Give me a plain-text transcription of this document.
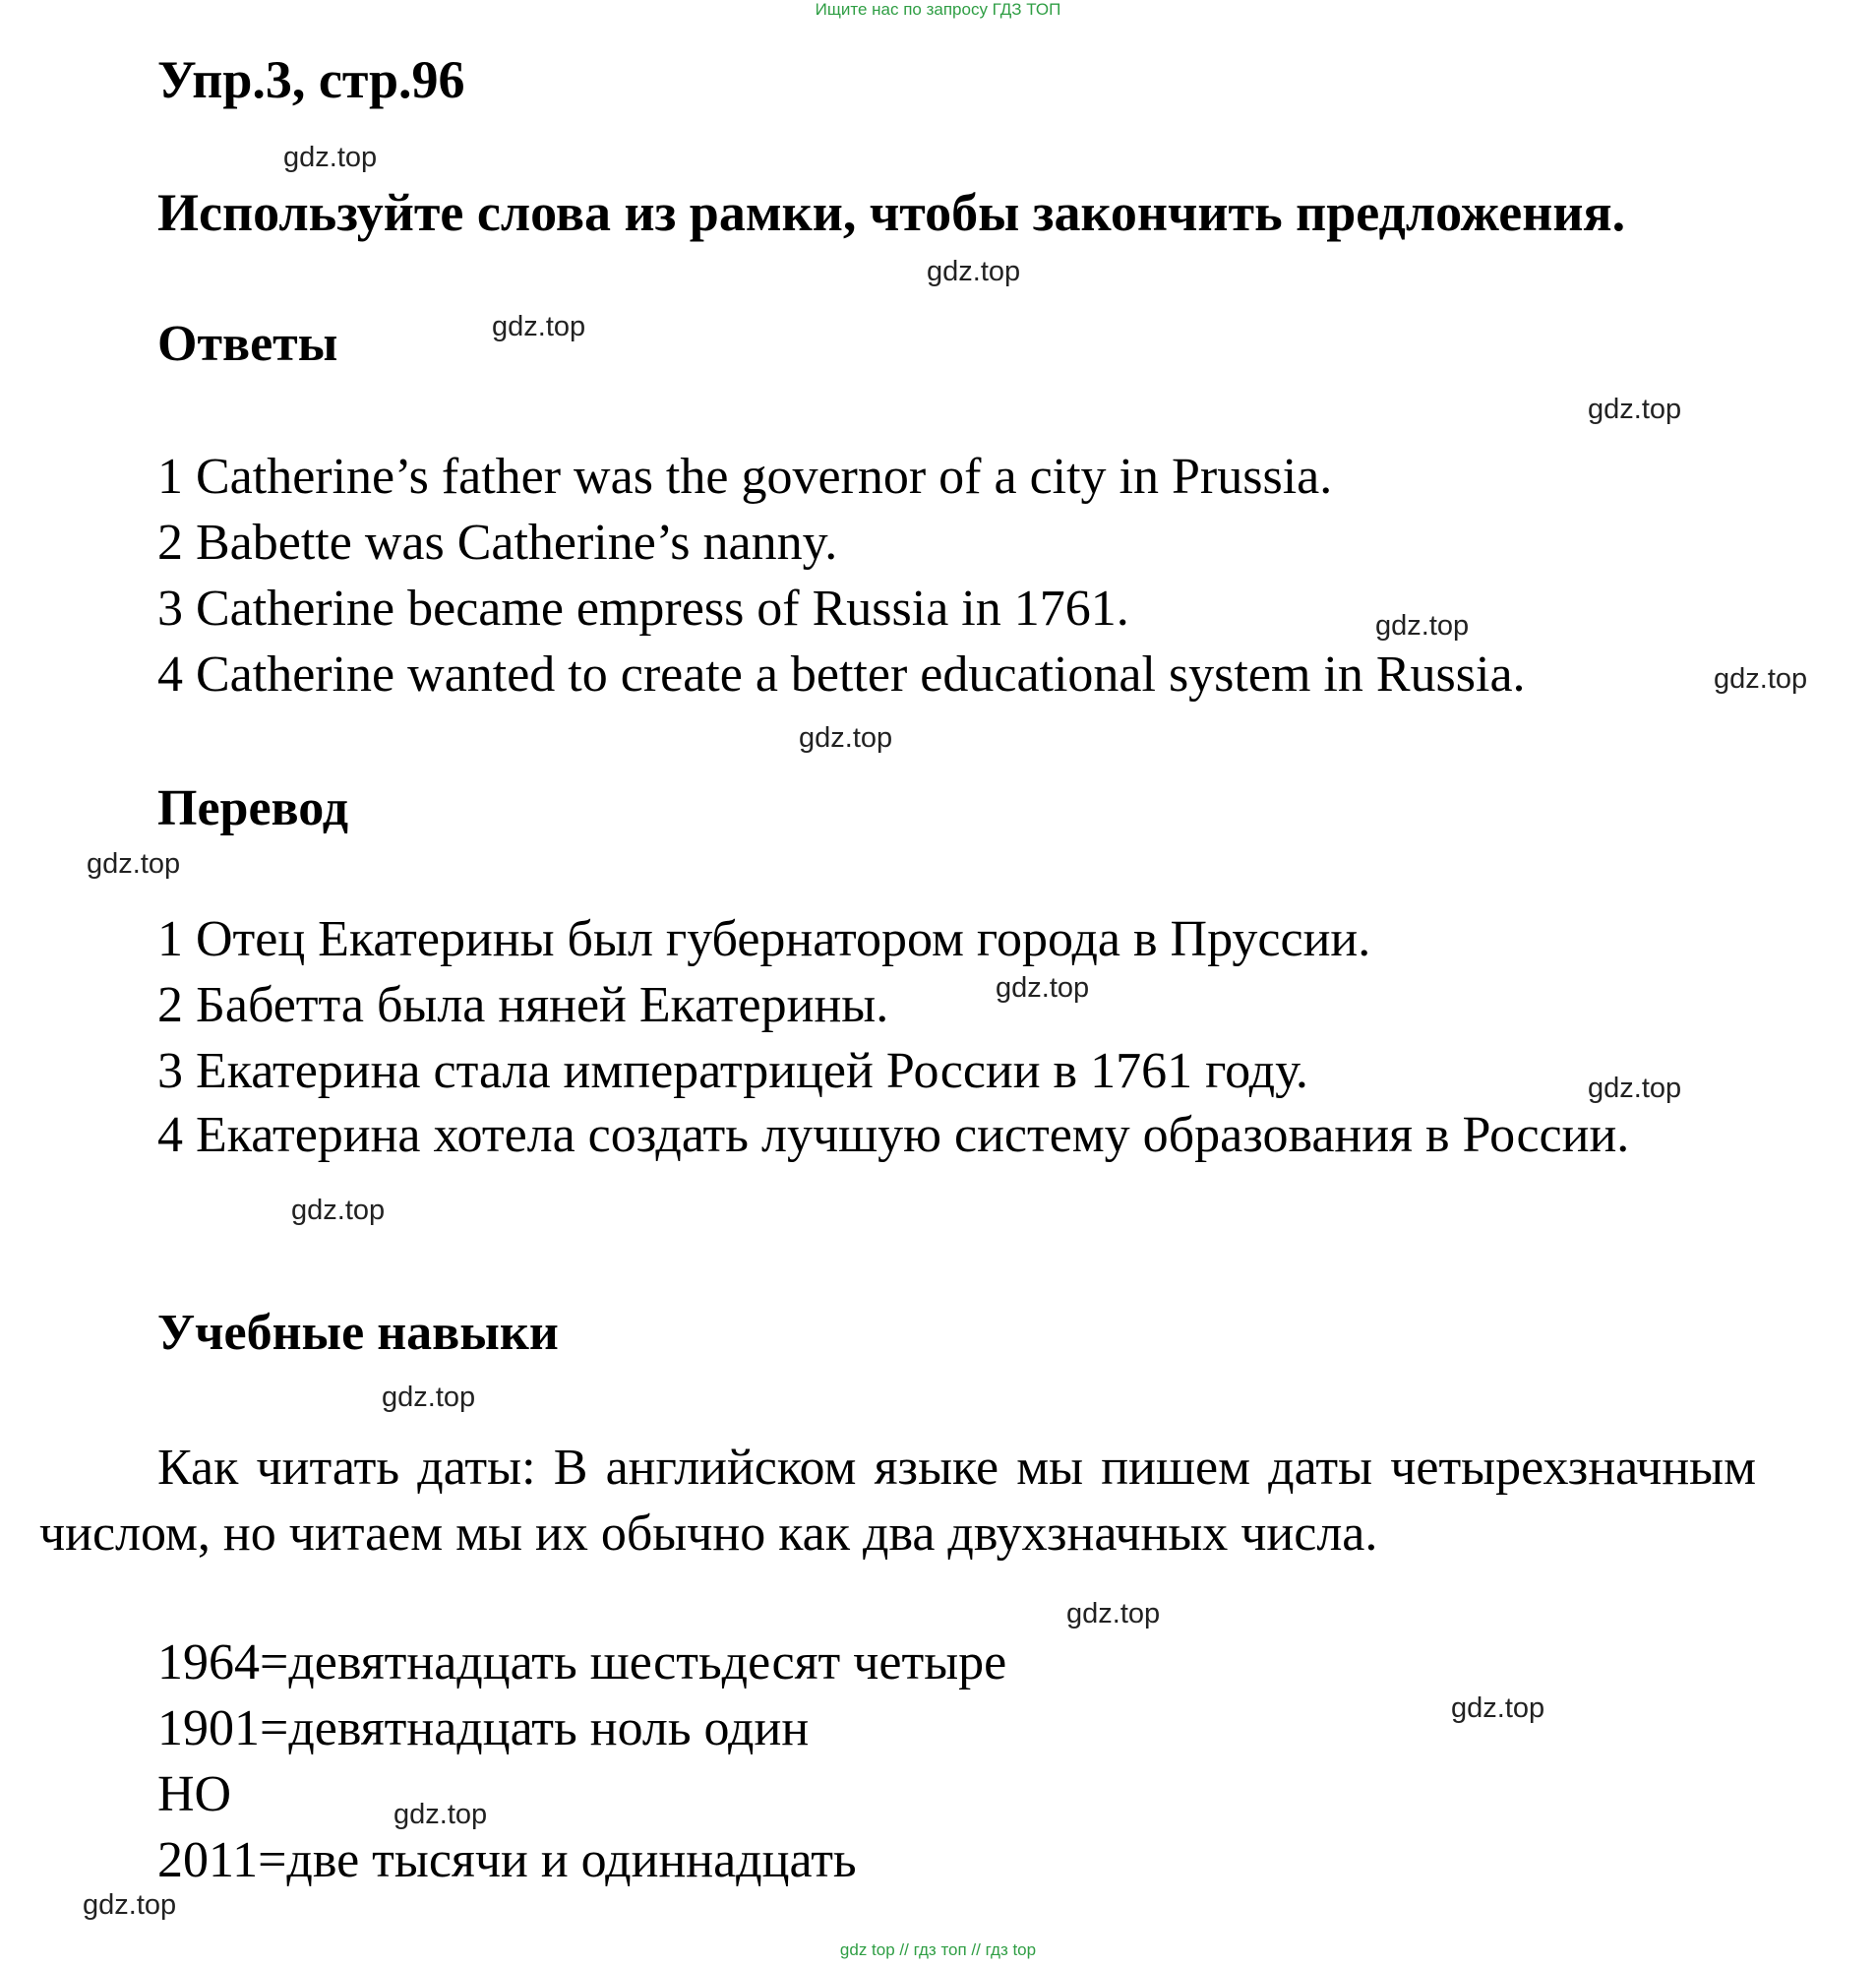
Ищите нас по запросу ГДЗ ТОП
Упр.3, стр.96
gdz.top
Используйте слова из рамки, чтобы закончить предложения.
gdz.top
Ответы	gdz.top
gdz.top
1 Catherine’s father was the governor of a city in Prussia.
2 Babette was Catherine’s nanny.
3 Catherine became empress of Russia in 1761.	gdz.top
4 Catherine wanted to create a better educational system in Russia.	gdz.top
gdz.top
Перевод
gdz.top
1 Отец Екатерины был губернатором города в Пруссии.
2 Бабетта была няней Екатерины.	gdz.top
3 Екатерина стала императрицей России в 1761 году.	gdz.top
4 Екатерина хотела создать лучшую систему образования в России.
gdz.top
Учебные навыки
gdz.top
Как читать даты: В английском языке мы пишем даты четырехзначным числом, но читаем мы их обычно как два двухзначных числа.
gdz.top
1964=девятнадцать шестьдесят четыре
gdz.top
1901=девятнадцать ноль один
НО	gdz.top
2011=две тысячи и одиннадцать
gdz.top
gdz top // гдз топ // гдз top
